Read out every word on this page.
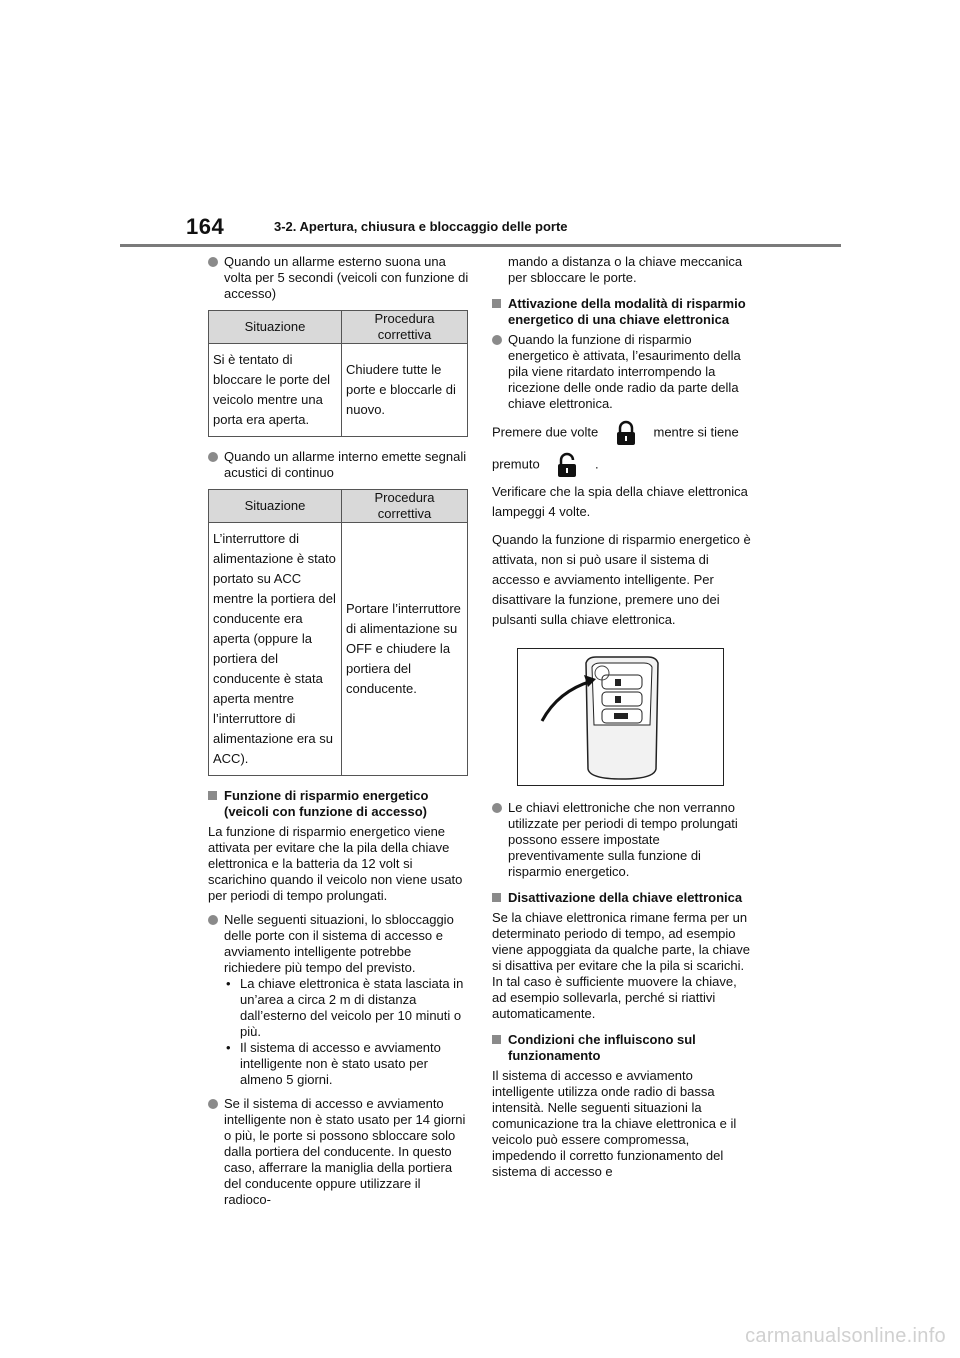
164	3-2. Apertura, chiusura e bloccaggio delle porte
Quando un allarme esterno suona una volta per 5 secondi (veicoli con funzione di accesso)
Situazione	Procedura correttiva
Si è tentato di bloccare le porte del veicolo mentre una porta era aperta.	Chiudere tutte le porte e bloccarle di nuovo.
Quando un allarme interno emette segnali acustici di continuo
Situazione	Procedura correttiva
L’interruttore di alimentazione è stato portato su ACC mentre la portiera del conducente era aperta (oppure la portiera del conducente è stata aperta mentre l’interruttore di alimentazione era su ACC).	Portare l’interruttore di alimentazione su OFF e chiudere la portiera del conducente.
Funzione di risparmio energetico (veicoli con funzione di accesso)

La funzione di risparmio energetico viene attivata per evitare che la pila della chiave elettronica e la batteria da 12 volt si scarichino quando il veicolo non viene usato per periodi di tempo prolungati.

Nelle seguenti situazioni, lo sbloccaggio delle porte con il sistema di accesso e avviamento intelligente potrebbe richiedere più tempo del previsto.
• La chiave elettronica è stata lasciata in un’area a circa 2 m di distanza dall’esterno del veicolo per 10 minuti o più.
• Il sistema di accesso e avviamento intelligente non è stato usato per almeno 5 giorni.
Se il sistema di accesso e avviamento intelligente non è stato usato per 14 giorni o più, le porte si possono sbloccare solo dalla portiera del conducente. In questo caso, afferrare la maniglia della portiera del conducente oppure utilizzare il radioco-

mando a distanza o la chiave meccanica per sbloccare le porte.

Attivazione della modalità di risparmio energetico di una chiave elettronica
Quando la funzione di risparmio energetico è attivata, l’esaurimento della pila viene ritardato interrompendo la ricezione delle onde radio da parte della chiave elettronica.
Premere due volte	mentre si tiene
premuto	.

Verificare che la spia della chiave elettronica lampeggi 4 volte.

Quando la funzione di risparmio energetico è attivata, non si può usare il sistema di accesso e avviamento intelligente. Per disattivare la funzione, premere uno dei pulsanti sulla chiave elettronica.

Le chiavi elettroniche che non verranno utilizzate per periodi di tempo prolungati possono essere impostate preventivamente sulla funzione di risparmio energetico.
Disattivazione della chiave elettronica

Se la chiave elettronica rimane ferma per un determinato periodo di tempo, ad esempio viene appoggiata da qualche parte, la chiave si disattiva per evitare che la pila si scarichi. In tal caso è sufficiente muovere la chiave, ad esempio sollevarla, perché si riattivi automaticamente.

Condizioni che influiscono sul funzionamento

Il sistema di accesso e avviamento intelligente utilizza onde radio di bassa intensità. Nelle seguenti situazioni la comunicazione tra la chiave elettronica e il veicolo può essere compromessa, impedendo il corretto funzionamento del sistema di accesso e

carmanualsonline.info
